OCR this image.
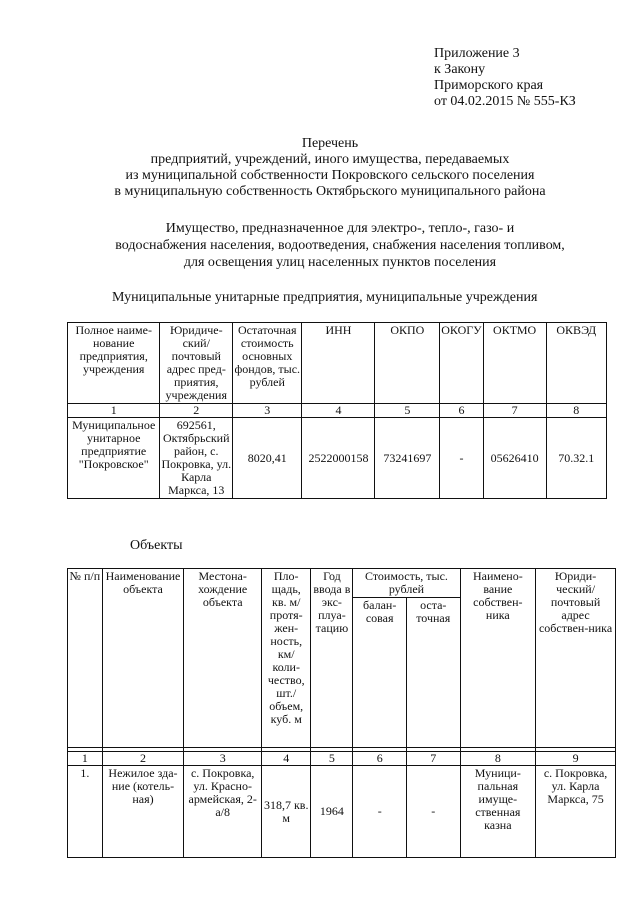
Приложение 3
к Закону
Приморского края
от 04.02.2015 № 555-КЗ
Перечень
предприятий, учреждений, иного имущества, передаваемых
из муниципальной собственности Покровского сельского поселения
в муниципальную собственность Октябрьского муниципального района
Имущество, предназначенное для электро-, тепло-, газо- и
водоснабжения населения, водоотведения, снабжения населения топливом,
для освещения улиц населенных пунктов поселения
Муниципальные унитарные предприятия, муниципальные учреждения
Полное наиме-нование предприятия, учреждения	Юридиче-ский/ почтовый адрес пред-приятия, учреждения	Остаточная стоимость основных фондов, тыс. рублей	ИНН	ОКПО	ОКОГУ	ОКТМО	ОКВЭД
1	2	3	4	5	6	7	8
Муниципальное унитарное предприятие "Покровское"	692561, Октябрьский район, с. Покровка, ул. Карла Маркса, 13	8020,41	2522000158	73241697	-	05626410	70.32.1
Объекты
№ п/п	Наименование объекта	Местона-хождение объекта	Пло-щадь, кв. м/ протя-жен-ность, км/ коли-чество, шт./ объем, куб. м	Год ввода в экс-плуа-тацию	Стоимость, тыс. рублей		Наимено-вание собствен-ника	Юриди-ческий/ почтовый адрес собствен-ника
					балан-совая	оста-точная		

1	2	3	4	5	6	7	8	9
1.	Нежилое зда-ние (котель-ная)	с. Покровка, ул. Красно-армейская, 2-а/8	318,7 кв. м	1964	-	-	Муници-пальная имуще-ственная казна	с. Покровка, ул. Карла Маркса, 75
